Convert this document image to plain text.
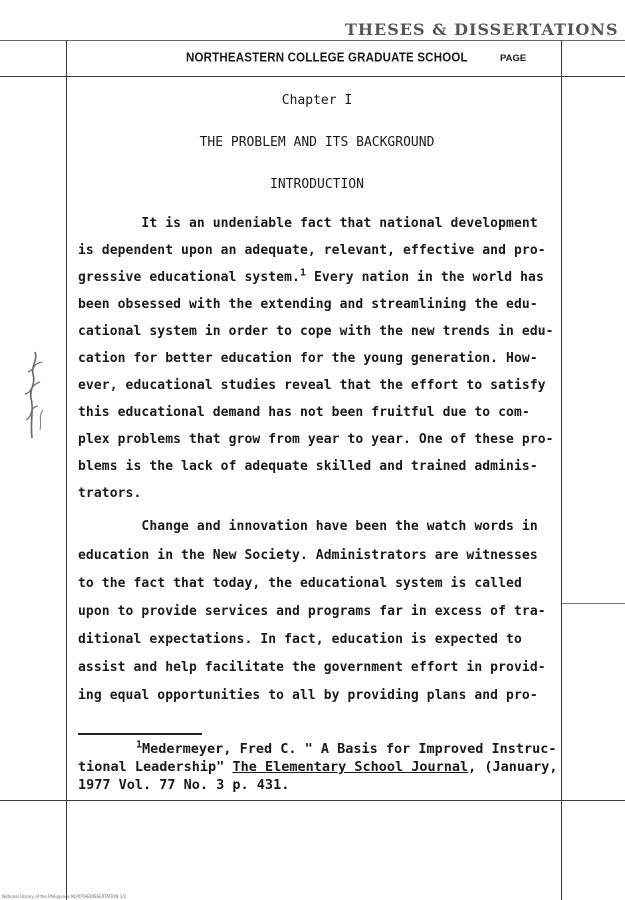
THESES & DISSERTATIONS
NORTHEASTERN COLLEGE GRADUATE SCHOOL	PAGE
Chapter I
THE PROBLEM AND ITS BACKGROUND
INTRODUCTION
It is an undeniable fact that national development
is dependent upon an adequate, relevant, effective and pro-
gressive educational system.$^1$ Every nation in the world has
been obsessed with the extending and streamlining the edu-
cational system in order to cope with the new trends in edu-
cation for better education for the young generation. How-
ever, educational studies reveal that the effort to satisfy
this educational demand has not been fruitful due to com-
plex problems that grow from year to year. One of these pro-
blems is the lack of adequate skilled and trained adminis-
trators.
Change and innovation have been the watch words in
education in the New Society. Administrators are witnesses
to the fact that today, the educational system is called
upon to provide services and programs far in excess of tra-
ditional expectations. In fact, education is expected to
assist and help facilitate the government effort in provid-
ing equal opportunities to all by providing plans and pro-
$^1$Medermeyer, Fred C. " A Basis for Improved Instruc-
tional Leadership" The Elementary School Journal, (January,
1977 Vol. 77 No. 3 p. 431.
National Library of the Philippines NLPOTHEDISSERTATION 1/2
